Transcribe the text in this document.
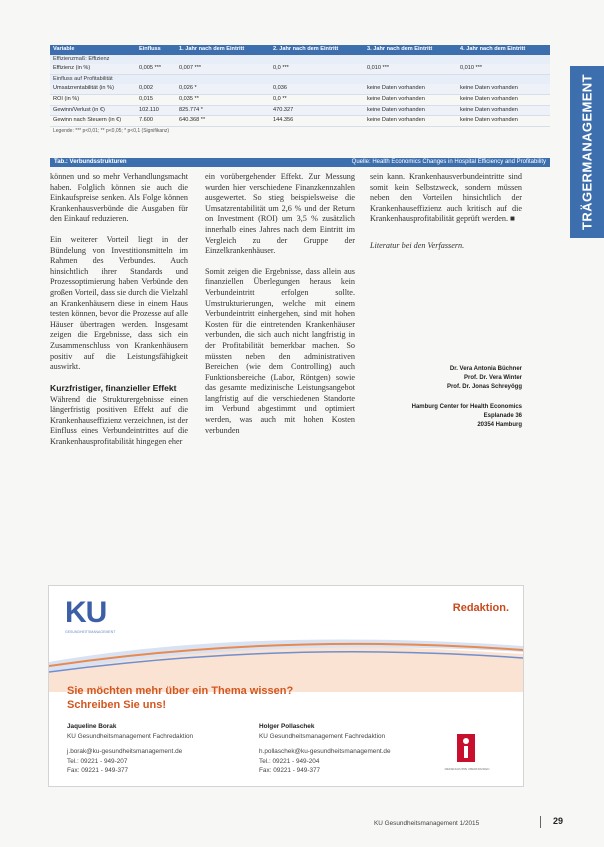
Variable	Einfluss	1. Jahr nach dem Eintritt	2. Jahr nach dem Eintritt	3. Jahr nach dem Eintritt	4. Jahr nach dem Eintritt
Effizienzmaß: Effizienz					
Effizienz (in %)	0,005 ***	0,007 ***	0,0 ***	0,010 ***	0,010 ***
Einfluss auf Profitabilität					
Umsatzrentabilität (in %)	0,002	0,026 *	0,036	keine Daten vorhanden	keine Daten vorhanden
ROI (in %)	0,015	0,035 **	0,0 **	keine Daten vorhanden	keine Daten vorhanden
Gewinn/Verlust (in €)	102.110	825.774 *	470.327	keine Daten vorhanden	keine Daten vorhanden
Gewinn nach Steuern (in €)	7.600	640.368 **	144.356	keine Daten vorhanden	keine Daten vorhanden
Legende: *** p<0,01; ** p<0,05; * p<0,1 (Signifikanz)					
Tab.: Verbundsstrukturen	Quelle: Health Economics Changes in Hospital Efficiency and Profitability	TRÄGERMANAGEMENT

können und so mehr Verhandlungsmacht haben. Folglich können sie auch die Einkaufspreise senken. Als Folge können Krankenhausverbünde die Ausgaben für den Einkauf reduzieren.

Ein weiterer Vorteil liegt in der Bündelung von Investitionsmitteln im Rahmen des Verbundes. Auch hinsichtlich ihrer Standards und Prozessoptimierung haben Verbünde den großen Vorteil, dass sie durch die Vielzahl an Krankenhäusern diese in einem Haus testen können, bevor die Prozesse auf alle Häuser übertragen werden. Insgesamt zeigen die Ergebnisse, dass sich ein Zusammenschluss von Krankenhäusern positiv auf die Leistungsfähigkeit auswirkt.

Kurzfristiger, finanzieller Effekt

Während die Strukturergebnisse einen längerfristig positiven Effekt auf die Krankenhauseffizienz verzeichnen, ist der Einfluss eines Verbundeintrittes auf die Krankenhausprofitabilität hingegen eher

ein vorübergehender Effekt. Zur Messung wurden hier verschiedene Finanzkennzahlen ausgewertet. So stieg beispielsweise die Umsatzrentabilität um 2,6 % und der Return on Investment (ROI) um 3,5 % zusätzlich innerhalb eines Jahres nach dem Eintritt im Vergleich zu der Gruppe der Einzelkrankenhäuser.

Somit zeigen die Ergebnisse, dass allein aus finanziellen Überlegungen heraus kein Verbundeintritt erfolgen sollte. Umstrukturierungen, welche mit einem Verbundeintritt einhergehen, sind mit hohen Kosten für die eintretenden Krankenhäuser verbunden, die sich auch nicht langfristig in der Profitabilität bemerkbar machen. So müssten neben den administrativen Bereichen (wie dem Controlling) auch Funktionsbereiche (Labor, Röntgen) sowie das gesamte medizinische Leistungsangebot langfristig auf die verschiedenen Standorte im Verbund abgestimmt und optimiert werden, was auch mit hohen Kosten verbunden

sein kann. Krankenhausverbundeintritte sind somit kein Selbstzweck, sondern müssen neben den Vorteilen hinsichtlich der Krankenhauseffizienz auch kritisch auf die Krankenhausprofitabilität geprüft werden. ■

Literatur bei den Verfassern.

Dr. Vera Antonia Büchner
Prof. Dr. Vera Winter
Prof. Dr. Jonas Schreyögg
Hamburg Center for Health Economics
Esplanade 36
20354 Hamburg
KU
GESUNDHEITSMANAGEMENT
Redaktion.
Sie möchten mehr über ein Thema wissen?
Schreiben Sie uns!
Jaqueline Borak
KU Gesundheitsmanagement Fachredaktion
j.borak@ku-gesundheitsmanagement.de
Tel.: 09221 - 949-207
Fax: 09221 - 949-377
Holger Pollaschek
KU Gesundheitsmanagement Fachredaktion
h.pollaschek@ku-gesundheitsmanagement.de
Tel.: 09221 - 949-204
Fax: 09221 - 949-377	MEDIENGRUPPE OBERFRANKEN
KU Gesundheitsmanagement 1/2015	29
